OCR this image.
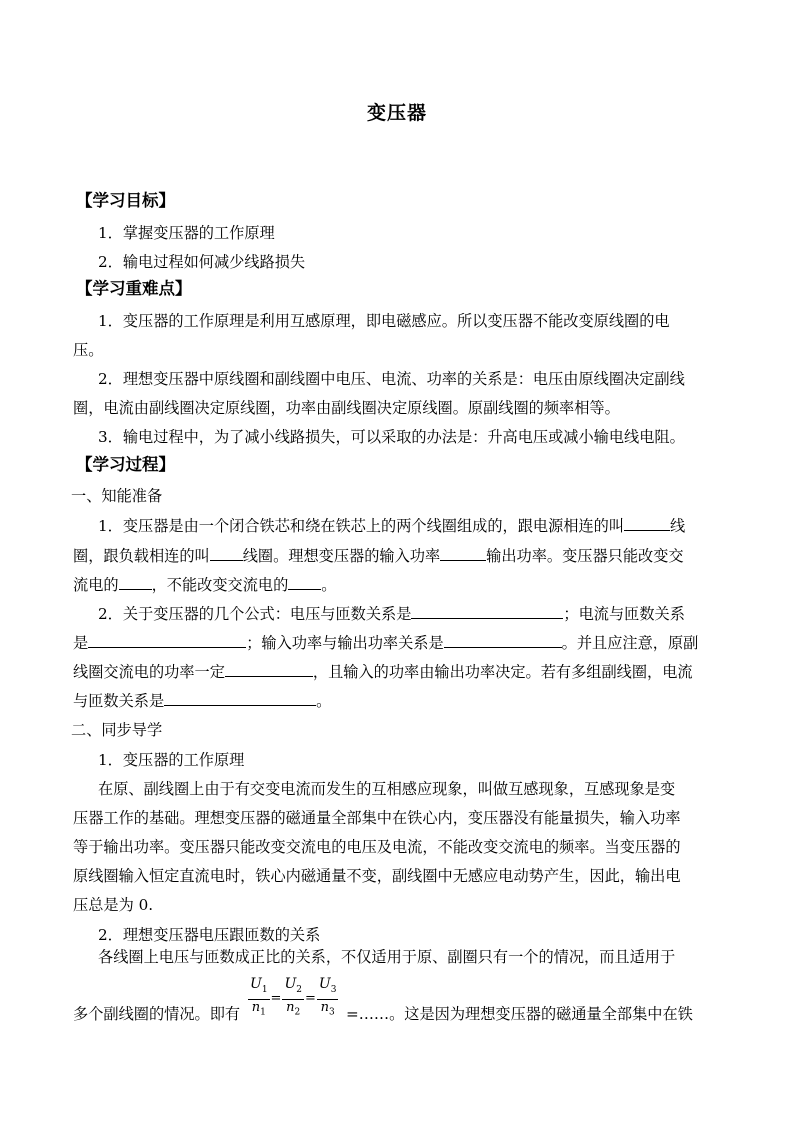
变压器
【学习目标】
1．掌握变压器的工作原理
2．输电过程如何减少线路损失
【学习重难点】
1．变压器的工作原理是利用互感原理，即电磁感应。所以变压器不能改变原线圈的电
压。
2．理想变压器中原线圈和副线圈中电压、电流、功率的关系是：电压由原线圈决定副线
圈，电流由副线圈决定原线圈，功率由副线圈决定原线圈。原副线圈的频率相等。
3．输电过程中，为了减小线路损失，可以采取的办法是：升高电压或减小输电线电阻。
【学习过程】
一、知能准备
1．变压器是由一个闭合铁芯和绕在铁芯上的两个线圈组成的，跟电源相连的叫	线
圈，跟负载相连的叫 线圈。理想变压器的输入功率	输出功率。变压器只能改变交
流电的 ，不能改变交流电的 。
2．关于变压器的几个公式：电压与匝数关系是	；电流与匝数关系
是	；输入功率与输出功率关系是	。并且应注意，原副
线圈交流电的功率一定	，且输入的功率由输出功率决定。若有多组副线圈，电流
与匝数关系是	。
二、同步导学
1．变压器的工作原理
在原、副线圈上由于有交变电流而发生的互相感应现象，叫做互感现象，互感现象是变
压器工作的基础。理想变压器的磁通量全部集中在铁心内，变压器没有能量损失，输入功率
等于输出功率。变压器只能改变交流电的电压及电流，不能改变交流电的频率。当变压器的
原线圈输入恒定直流电时，铁心内磁通量不变，副线圈中无感应电动势产生，因此，输出电
压总是为 0.
2．理想变压器电压跟匝数的关系
各线圈上电压与匝数成正比的关系，不仅适用于原、副圈只有一个的情况，而且适用于
$\frac{U_1}{n_1} = \frac{U_2}{n_2} = \frac{U_3}{n_3}$
多个副线圈的情况。即有	=……。这是因为理想变压器的磁通量全部集中在铁
